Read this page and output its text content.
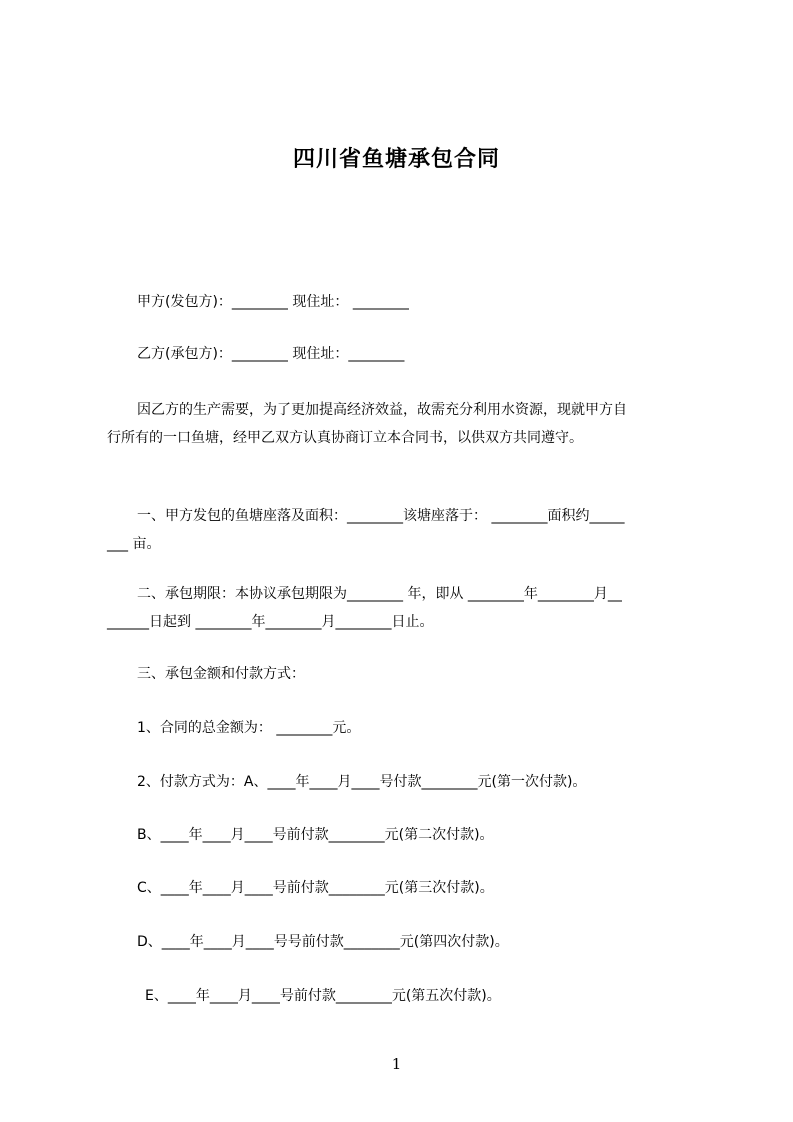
四川省鱼塘承包合同
甲方(发包方)：________ 现住址： ________
乙方(承包方)：________ 现住址：________
因乙方的生产需要，为了更加提高经济效益，故需充分利用水资源，现就甲方自
行所有的一口鱼塘，经甲乙双方认真协商订立本合同书，以供双方共同遵守。
一、甲方发包的鱼塘座落及面积：________该塘座落于： ________面积约_____
___ 亩。
二、承包期限：本协议承包期限为________ 年，即从 ________年________月__
______日起到 ________年________月________日止。
三、承包金额和付款方式：
1、合同的总金额为： ________元。
2、付款方式为：A、____年____月____号付款________元(第一次付款)。
B、____年____月____号前付款________元(第二次付款)。
C、____年____月____号前付款________元(第三次付款)。
D、____年____月____号号前付款________元(第四次付款)。
E、____年____月____号前付款________元(第五次付款)。
1
